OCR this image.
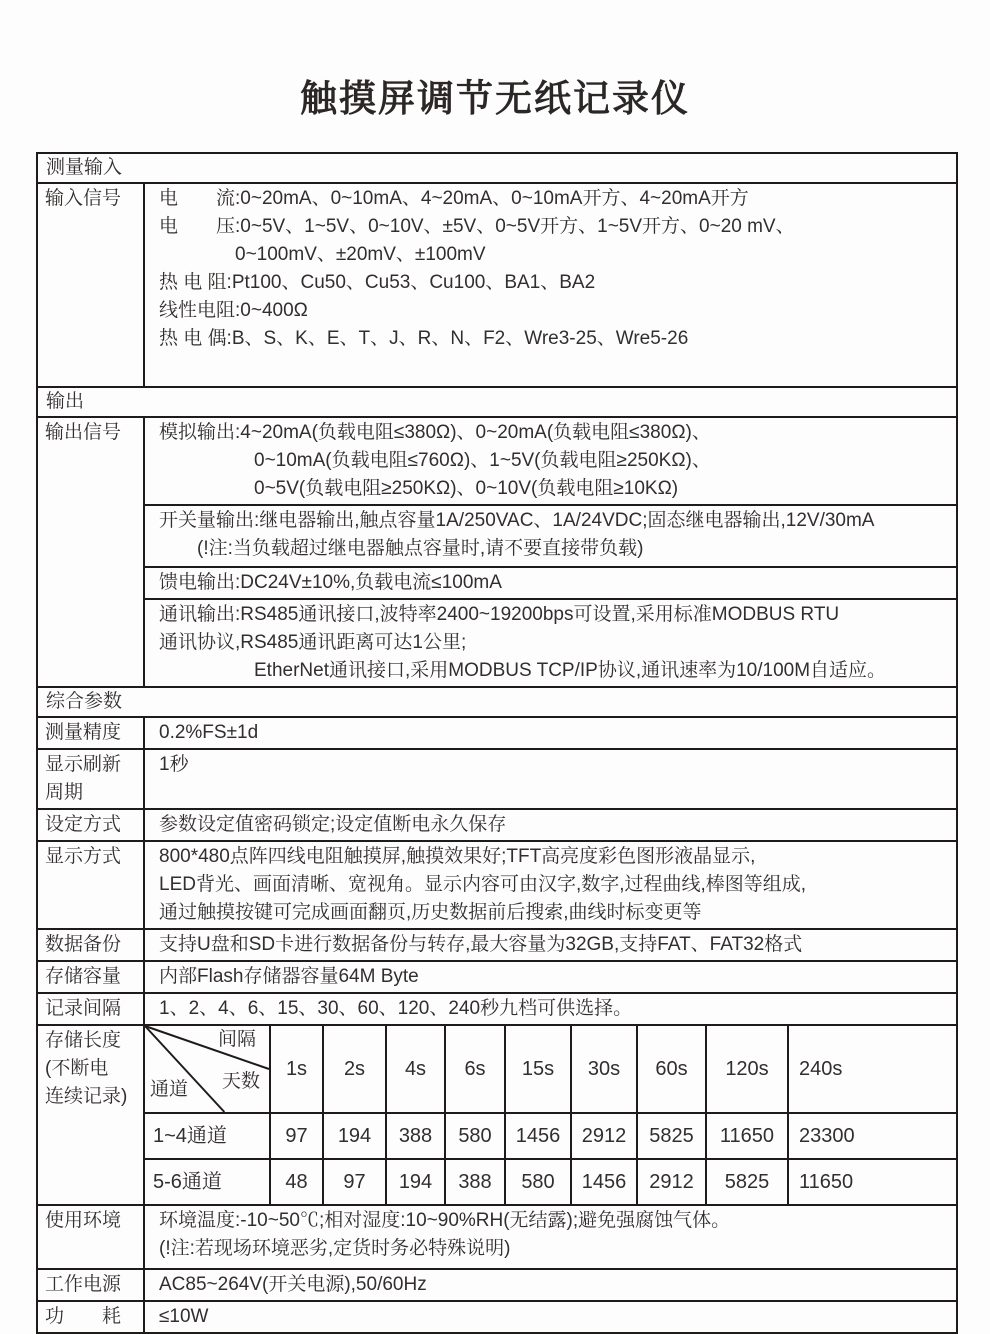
触摸屏调节无纸记录仪
测量输入
输入信号	电　　流:0~20mA、0~10mA、4~20mA、0~10mA开方、4~20mA开方
电　　压:0~5V、1~5V、0~10V、±5V、0~5V开方、1~5V开方、0~20 mV、
　　　　0~100mV、±20mV、±100mV
热 电 阻:Pt100、Cu50、Cu53、Cu100、BA1、BA2
线性电阻:0~400Ω
热 电 偶:B、S、K、E、T、J、R、N、F2、Wre3-25、Wre5-26

输出
输出信号	模拟输出:4~20mA(负载电阻≤380Ω)、0~20mA(负载电阻≤380Ω)、
　　　　　0~10mA(负载电阻≤760Ω)、1~5V(负载电阻≥250KΩ)、
　　　　　0~5V(负载电阻≥250KΩ)、0~10V(负载电阻≥10KΩ)
开关量输出:继电器输出,触点容量1A/250VAC、1A/24VDC;固态继电器输出,12V/30mA
　　(!注:当负载超过继电器触点容量时,请不要直接带负载)
馈电输出:DC24V±10%,负载电流≤100mA
通讯输出:RS485通讯接口,波特率2400~19200bps可设置,采用标准MODBUS RTU
通讯协议,RS485通讯距离可达1公里;
　　　　　EtherNet通讯接口,采用MODBUS TCP/IP协议,通讯速率为10/100M自适应。

综合参数
测量精度	0.2%FS±1d

显示刷新
周期
	1秒
设定方式	参数设定值密码锁定;设定值断电永久保存
显示方式	800*480点阵四线电阻触摸屏,触摸效果好;TFT高亮度彩色图形液晶显示,
LED背光、画面清晰、宽视角。显示内容可由汉字,数字,过程曲线,棒图等组成,
通过触摸按键可完成画面翻页,历史数据前后搜索,曲线时标变更等

数据备份	支持U盘和SD卡进行数据备份与转存,最大容量为32GB,支持FAT、FAT32格式
存储容量	内部Flash存储器容量64M Byte
记录间隔	1、2、4、6、15、30、60、120、240秒九档可供选择。

存储长度
(不断电
连续记录)

间隔
天数
通道
	1s	2s	4s	6s	15s	30s	60s	120s	240s
1~4通道	97	194	388	580	1456	2912	5825	11650	23300
5-6通道	48	97	194	388	580	1456	2912	5825	11650

使用环境	环境温度:-10~50℃;相对湿度:10~90%RH(无结露);避免强腐蚀气体。
(!注:若现场环境恶劣,定货时务必特殊说明)

工作电源	AC85~264V(开关电源),50/60Hz
功　　耗	≤10W
